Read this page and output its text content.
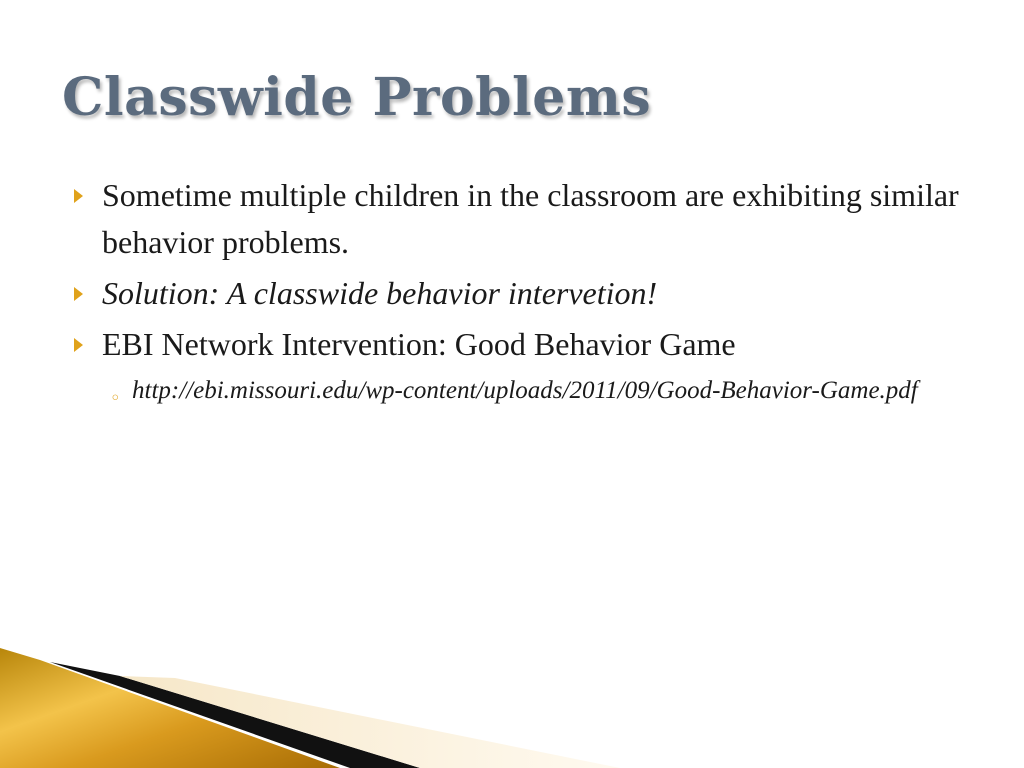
Classwide Problems
Sometime multiple children in the classroom are exhibiting similar behavior problems.
Solution: A classwide behavior intervetion!
EBI Network Intervention: Good Behavior Game
◦ http://ebi.missouri.edu/wp-content/uploads/2011/09/Good-Behavior-Game.pdf
